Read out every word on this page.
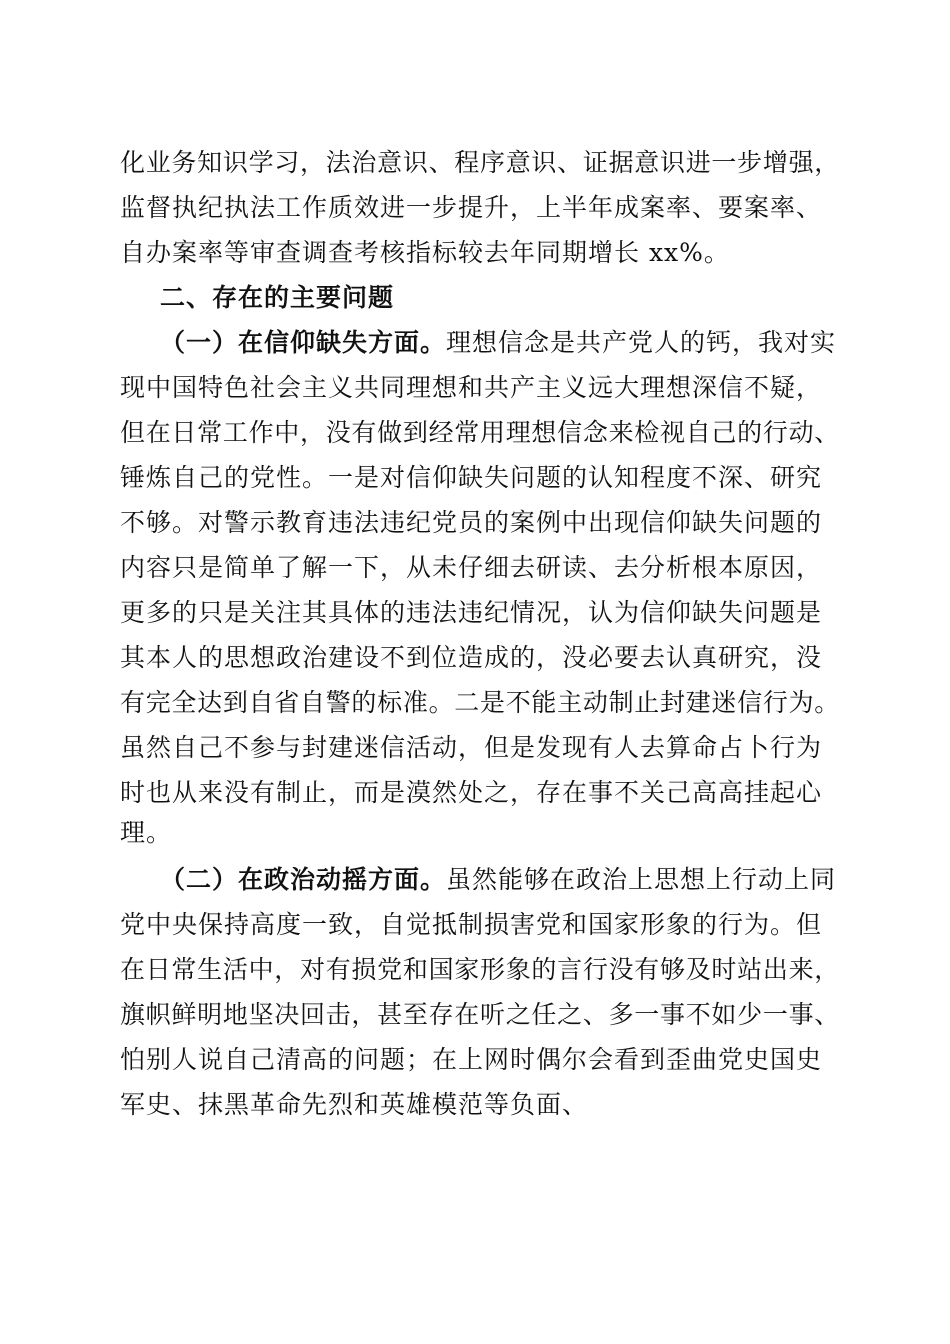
化业务知识学习，法治意识、程序意识、证据意识进一步增强，
监督执纪执法工作质效进一步提升，上半年成案率、要案率、
自办案率等审查调查考核指标较去年同期增长 xx%。
二、存在的主要问题
（一）在信仰缺失方面。理想信念是共产党人的钙，我对实
现中国特色社会主义共同理想和共产主义远大理想深信不疑，
但在日常工作中，没有做到经常用理想信念来检视自己的行动、
锤炼自己的党性。一是对信仰缺失问题的认知程度不深、研究
不够。对警示教育违法违纪党员的案例中出现信仰缺失问题的
内容只是简单了解一下，从未仔细去研读、去分析根本原因，
更多的只是关注其具体的违法违纪情况，认为信仰缺失问题是
其本人的思想政治建设不到位造成的，没必要去认真研究，没
有完全达到自省自警的标准。二是不能主动制止封建迷信行为。
虽然自己不参与封建迷信活动，但是发现有人去算命占卜行为
时也从来没有制止，而是漠然处之，存在事不关己高高挂起心
理。
（二）在政治动摇方面。虽然能够在政治上思想上行动上同
党中央保持高度一致，自觉抵制损害党和国家形象的行为。但
在日常生活中，对有损党和国家形象的言行没有够及时站出来，
旗帜鲜明地坚决回击，甚至存在听之任之、多一事不如少一事、
怕别人说自己清高的问题；在上网时偶尔会看到歪曲党史国史
军史、抹黑革命先烈和英雄模范等负面、
